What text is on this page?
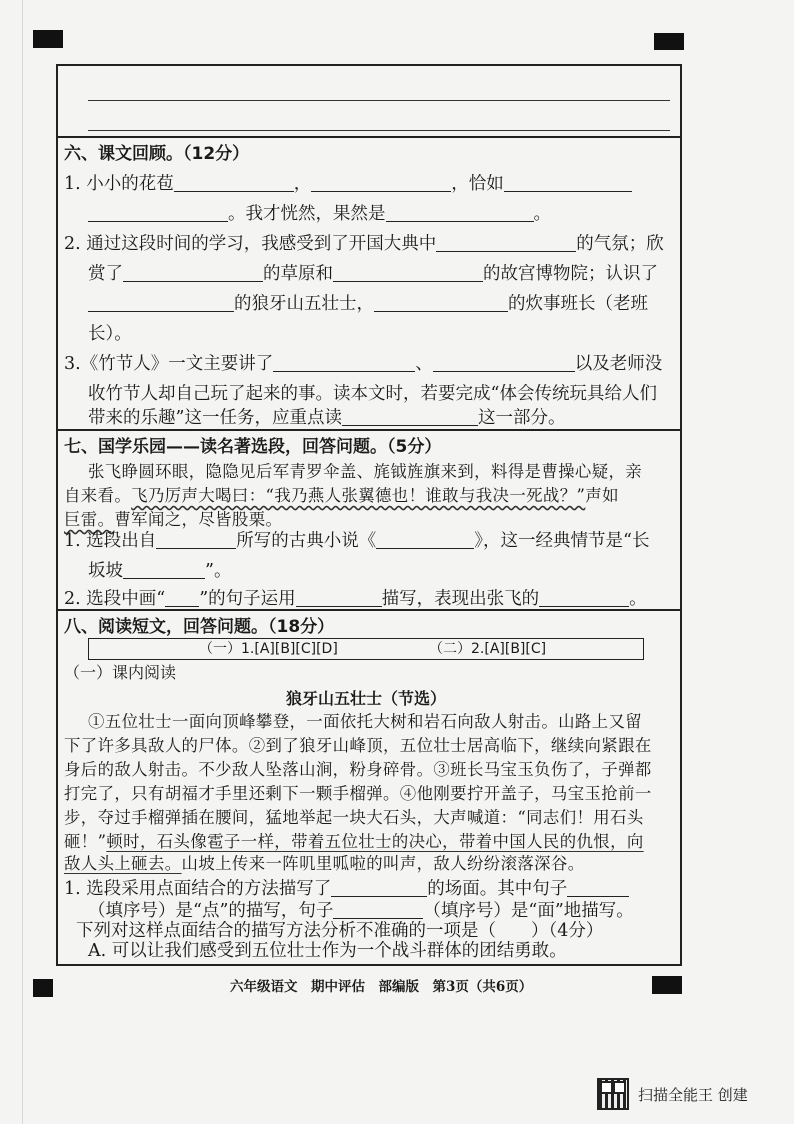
六、课文回顾。（12分）
1. 小小的花苞	，	，恰如
。我才恍然，果然是	。
2. 通过这段时间的学习，我感受到了开国大典中	的气氛；欣
赏了	的草原和	的故宫博物院；认识了
的狼牙山五壮士，	的炊事班长（老班
长）。
3.《竹节人》一文主要讲了	、	以及老师没
收竹节人却自己玩了起来的事。读本文时，若要完成“体会传统玩具给人们
带来的乐趣”这一任务，应重点读	这一部分。
七、国学乐园——读名著选段，回答问题。（5分）
张飞睁圆环眼，隐隐见后军青罗伞盖、旄钺旌旗来到，料得是曹操心疑，亲
自来看。飞乃厉声大喝曰：“我乃燕人张翼德也！谁敢与我决一死战？”声如
巨雷。曹军闻之，尽皆股栗。
1. 选段出自	所写的古典小说《	》，这一经典情节是“长
坂坡	”。
2. 选段中画“ ”的句子运用	描写，表现出张飞的	。
八、阅读短文，回答问题。（18分）
（一）1.[A][B][C][D]	（二）2.[A][B][C]
（一）课内阅读
狼牙山五壮士（节选）
①五位壮士一面向顶峰攀登，一面依托大树和岩石向敌人射击。山路上又留
下了许多具敌人的尸体。②到了狼牙山峰顶，五位壮士居高临下，继续向紧跟在
身后的敌人射击。不少敌人坠落山涧，粉身碎骨。③班长马宝玉负伤了，子弹都
打完了，只有胡福才手里还剩下一颗手榴弹。④他刚要拧开盖子，马宝玉抢前一
步，夺过手榴弹插在腰间，猛地举起一块大石头，大声喊道：“同志们！用石头
砸！”顿时，石头像雹子一样，带着五位壮士的决心，带着中国人民的仇恨，向
敌人头上砸去。山坡上传来一阵叽里呱啦的叫声，敌人纷纷滚落深谷。
1. 选段采用点面结合的方法描写了	的场面。其中句子
（填序号）是“点”的描写，句子	（填序号）是“面”地描写。
下列对这样点面结合的描写方法分析不准确的一项是（　　）（4分）
A. 可以让我们感受到五位壮士作为一个战斗群体的团结勇敢。
六年级语文　期中评估　部编版　第3页（共6页）
扫描全能王 创建
